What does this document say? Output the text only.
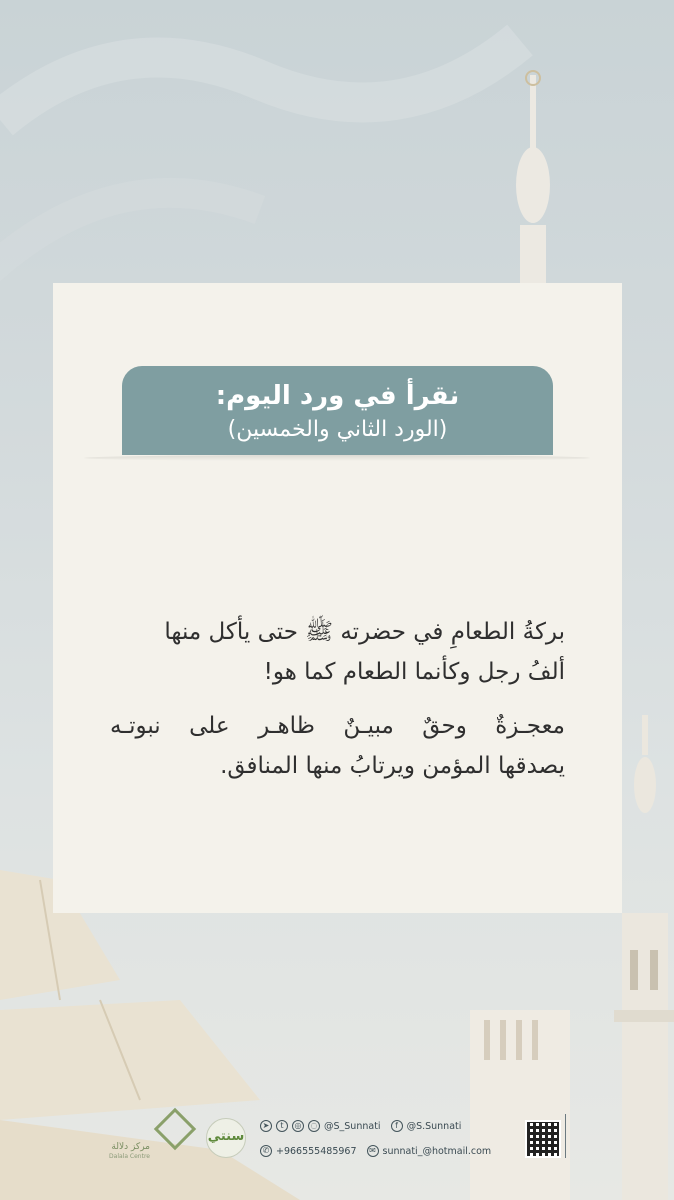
نقرأ في ورد اليوم:
(الورد الثاني والخمسين)

بركةُ الطعامِ في حضرته ﷺ حتى يأكل منها

ألفُ رجل وكأنما الطعام كما هو!

معجـزةٌ وحقٌ مبيـنٌ ظاهـر على نبوتـه

يصدقها المؤمن ويرتابُ منها المنافق.

مركز دلالة
Dalala Centre
سنتي
➤	t	◎	◌ @S_Sunnati	f @S.Sunnati
✆ +966555485967	✉ sunnati_@hotmail.com
